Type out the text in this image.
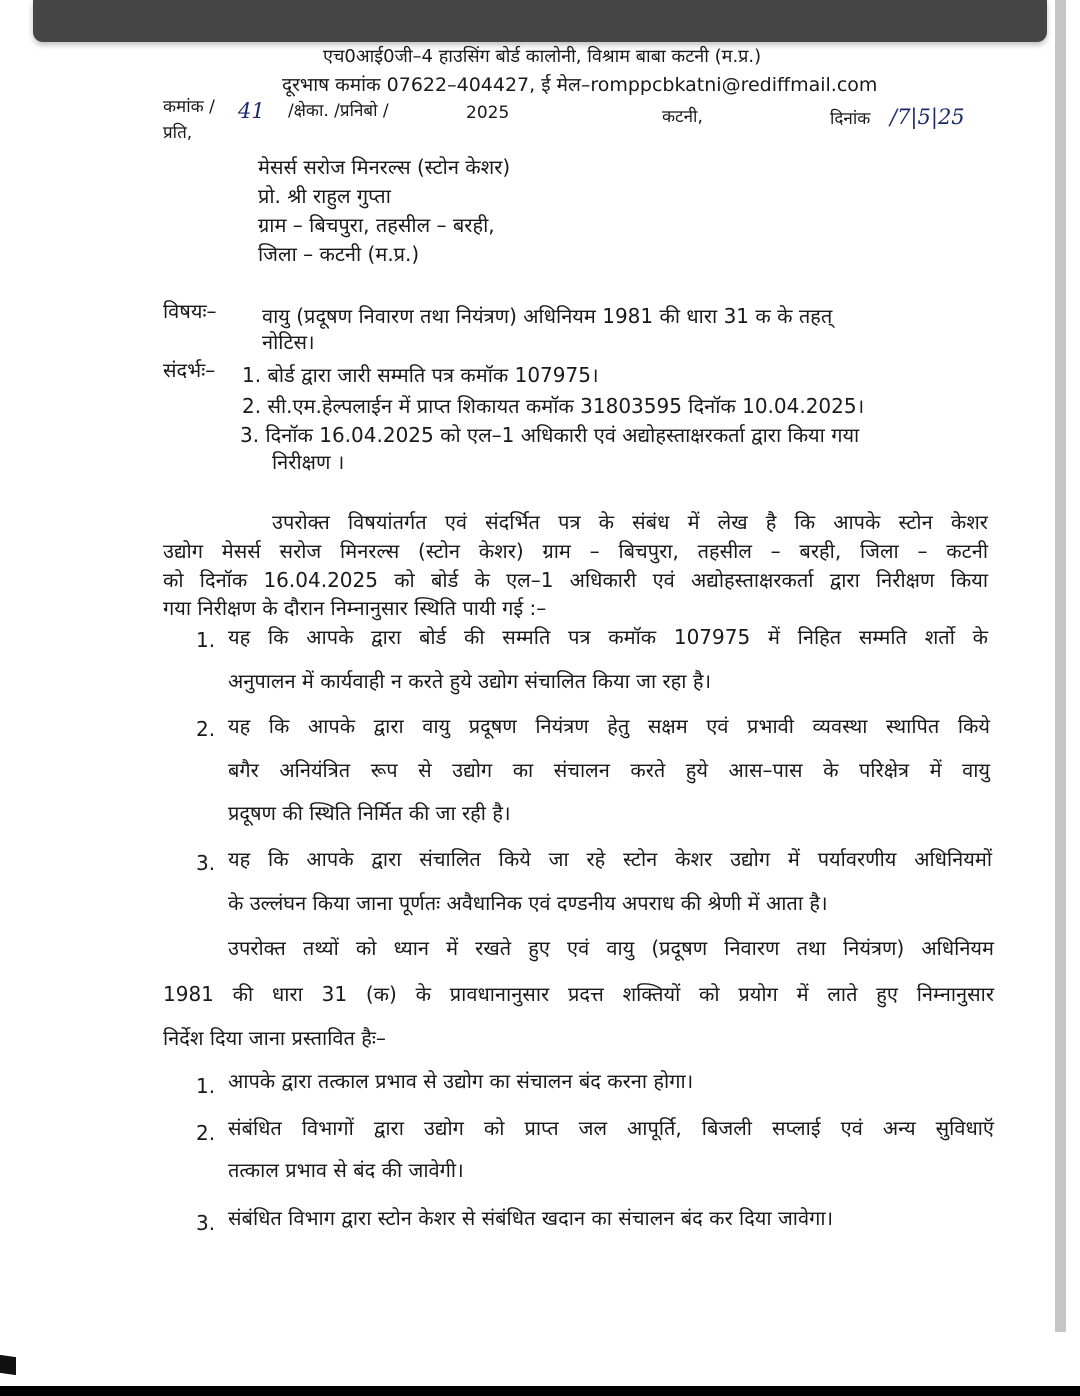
एच0आई0जी–4 हाउसिंग बोर्ड कालोनी, विश्राम बाबा कटनी (म.प्र.)
दूरभाष कमांक 07622–404427, ई मेल–romppcbkatni@rediffmail.com
कमांक / 41 /क्षेका. /प्रनिबो /	2025	कटनी,	दिनांक /7|5|25
प्रति,
मेसर्स सरोज मिनरल्स (स्टोन केशर)
प्रो. श्री राहुल गुप्ता
ग्राम – बिचपुरा, तहसील – बरही,
जिला – कटनी (म.प्र.)
विषयः– वायु (प्रदूषण निवारण तथा नियंत्रण) अधिनियम 1981 की धारा 31 क के तहत्
नोटिस।
संदर्भः– 1. बोर्ड द्वारा जारी सम्मति पत्र कमॉक 107975।
2. सी.एम.हेल्पलाईन में प्राप्त शिकायत कमॉक 31803595 दिनॉक 10.04.2025।
3. दिनॉक 16.04.2025 को एल–1 अधिकारी एवं अद्योहस्ताक्षरकर्ता द्वारा किया गया
निरीक्षण ।
उपरोक्त विषयांतर्गत एवं संदर्भित पत्र के संबंध में लेख है कि आपके स्टोन केशर
उद्योग मेसर्स सरोज मिनरल्स (स्टोन केशर) ग्राम – बिचपुरा, तहसील – बरही, जिला – कटनी
को दिनॉक 16.04.2025 को बोर्ड के एल–1 अधिकारी एवं अद्योहस्ताक्षरकर्ता द्वारा निरीक्षण किया
गया निरीक्षण के दौरान निम्नानुसार स्थिति पायी गई :–
1. यह कि आपके द्वारा बोर्ड की सम्मति पत्र कमॉक 107975 में निहित सम्मति शर्तो के
अनुपालन में कार्यवाही न करते हुये उद्योग संचालित किया जा रहा है।
2. यह कि आपके द्वारा वायु प्रदूषण नियंत्रण हेतु सक्षम एवं प्रभावी व्यवस्था स्थापित किये
बगैर अनियंत्रित रूप से उद्योग का संचालन करते हुये आस–पास के परिक्षेत्र में वायु
प्रदूषण की स्थिति निर्मित की जा रही है।
3. यह कि आपके द्वारा संचालित किये जा रहे स्टोन केशर उद्योग में पर्यावरणीय अधिनियमों
के उल्लंघन किया जाना पूर्णतः अवैधानिक एवं दण्डनीय अपराध की श्रेणी में आता है।
उपरोक्त तथ्यों को ध्यान में रखते हुए एवं वायु (प्रदूषण निवारण तथा नियंत्रण) अधिनियम
1981 की धारा 31 (क) के प्रावधानानुसार प्रदत्त शक्तियों को प्रयोग में लाते हुए निम्नानुसार
निर्देश दिया जाना प्रस्तावित हैः–
1. आपके द्वारा तत्काल प्रभाव से उद्योग का संचालन बंद करना होगा।
2. संबंधित विभागों द्वारा उद्योग को प्राप्त जल आपूर्ति, बिजली सप्लाई एवं अन्य सुविधाऍ
तत्काल प्रभाव से बंद की जावेगी।
3. संबंधित विभाग द्वारा स्टोन केशर से संबंधित खदान का संचालन बंद कर दिया जावेगा।
